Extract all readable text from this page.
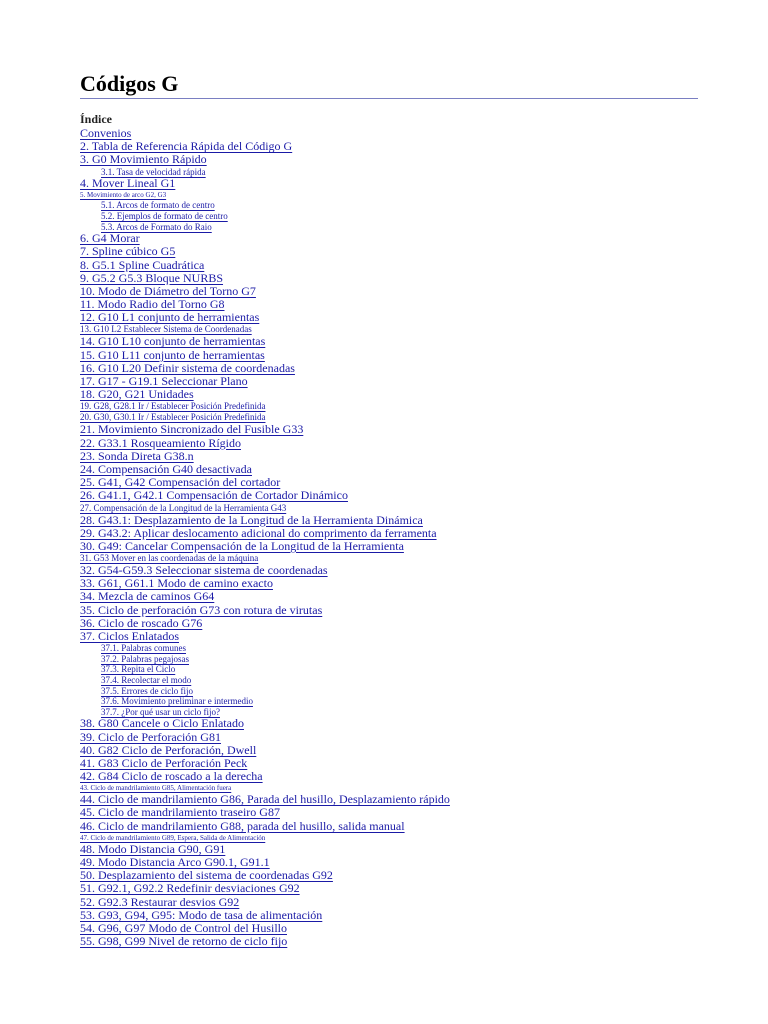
Códigos G
Índice
Convenios
2. Tabla de Referencia Rápida del Código G
3. G0 Movimiento Rápido
3.1. Tasa de velocidad rápida
4. Mover Lineal G1
5. Movimiento de arco G2, G3
5.1. Arcos de formato de centro
5.2. Ejemplos de formato de centro
5.3. Arcos de Formato do Raio
6. G4 Morar
7. Spline cúbico G5
8. G5.1 Spline Cuadrática
9. G5.2 G5.3 Bloque NURBS
10. Modo de Diámetro del Torno G7
11. Modo Radio del Torno G8
12. G10 L1 conjunto de herramientas
13. G10 L2 Establecer Sistema de Coordenadas
14. G10 L10 conjunto de herramientas
15. G10 L11 conjunto de herramientas
16. G10 L20 Definir sistema de coordenadas
17. G17 - G19.1 Seleccionar Plano
18. G20, G21 Unidades
19. G28, G28.1 Ir / Establecer Posición Predefinida
20. G30, G30.1 Ir / Establecer Posición Predefinida
21. Movimiento Sincronizado del Fusible G33
22. G33.1 Rosqueamiento Rígido
23. Sonda Direta G38.n
24. Compensación G40 desactivada
25. G41, G42 Compensación del cortador
26. G41.1, G42.1 Compensación de Cortador Dinámico
27. Compensación de la Longitud de la Herramienta G43
28. G43.1: Desplazamiento de la Longitud de la Herramienta Dinámica
29. G43.2: Aplicar deslocamento adicional do comprimento da ferramenta
30. G49: Cancelar Compensación de la Longitud de la Herramienta
31. G53 Mover en las coordenadas de la máquina
32. G54-G59.3 Seleccionar sistema de coordenadas
33. G61, G61.1 Modo de camino exacto
34. Mezcla de caminos G64
35. Ciclo de perforación G73 con rotura de virutas
36. Ciclo de roscado G76
37. Ciclos Enlatados
37.1. Palabras comunes
37.2. Palabras pegajosas
37.3. Repita el Ciclo
37.4. Recolectar el modo
37.5. Errores de ciclo fijo
37.6. Movimiento preliminar e intermedio
37.7. ¿Por qué usar un ciclo fijo?
38. G80 Cancele o Ciclo Enlatado
39. Ciclo de Perforación G81
40. G82 Ciclo de Perforación, Dwell
41. G83 Ciclo de Perforación Peck
42. G84 Ciclo de roscado a la derecha
43. Ciclo de mandrilamiento G85, Alimentación fuera
44. Ciclo de mandrilamiento G86, Parada del husillo, Desplazamiento rápido
45. Ciclo de mandrilamiento traseiro G87
46. Ciclo de mandrilamiento G88, parada del husillo, salida manual
47. Ciclo de mandrilamiento G89, Espera, Salida de Alimentación
48. Modo Distancia G90, G91
49. Modo Distancia Arco G90.1, G91.1
50. Desplazamiento del sistema de coordenadas G92
51. G92.1, G92.2 Redefinir desviaciones G92
52. G92.3 Restaurar desvios G92
53. G93, G94, G95: Modo de tasa de alimentación
54. G96, G97 Modo de Control del Husillo
55. G98, G99 Nivel de retorno de ciclo fijo
